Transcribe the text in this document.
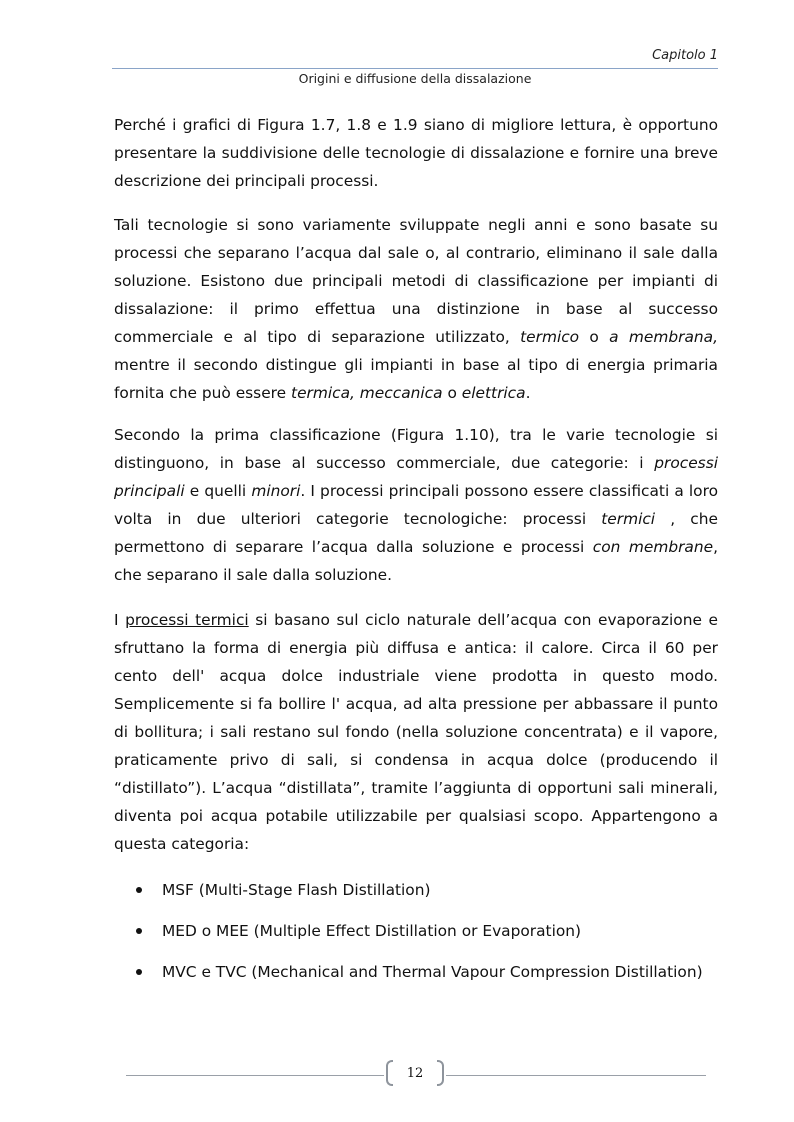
Capitolo 1
Origini e diffusione della dissalazione

Perché i grafici di Figura 1.7, 1.8 e 1.9 siano di migliore lettura, è opportuno presentare la suddivisione delle tecnologie di dissalazione e fornire una breve descrizione dei principali processi.

Tali tecnologie si sono variamente sviluppate negli anni e sono basate su processi che separano l’acqua dal sale o, al contrario, eliminano il sale dalla soluzione. Esistono due principali metodi di classificazione per impianti di dissalazione: il primo effettua una distinzione in base al successo commerciale e al tipo di separazione utilizzato, termico o a membrana, mentre il secondo distingue gli impianti in base al tipo di energia primaria fornita che può essere termica, meccanica o elettrica.

Secondo la prima classificazione (Figura 1.10), tra le varie tecnologie si distinguono, in base al successo commerciale, due categorie: i processi principali e quelli minori. I processi principali possono essere classificati a loro volta in due ulteriori categorie tecnologiche: processi termici , che permettono di separare l’acqua dalla soluzione e processi con membrane, che separano il sale dalla soluzione.

I processi termici si basano sul ciclo naturale dell’acqua con evaporazione e sfruttano la forma di energia più diffusa e antica: il calore. Circa il 60 per cento dell' acqua dolce industriale viene prodotta in questo modo. Semplicemente si fa bollire l' acqua, ad alta pressione per abbassare il punto di bollitura; i sali restano sul fondo (nella soluzione concentrata) e il vapore, praticamente privo di sali, si condensa in acqua dolce (producendo il “distillato”). L’acqua “distillata”, tramite l’aggiunta di opportuni sali minerali, diventa poi acqua potabile utilizzabile per qualsiasi scopo. Appartengono a questa categoria:

MSF (Multi-Stage Flash Distillation)
MED o MEE (Multiple Effect Distillation or Evaporation)
MVC e TVC (Mechanical and Thermal Vapour Compression Distillation)
12
